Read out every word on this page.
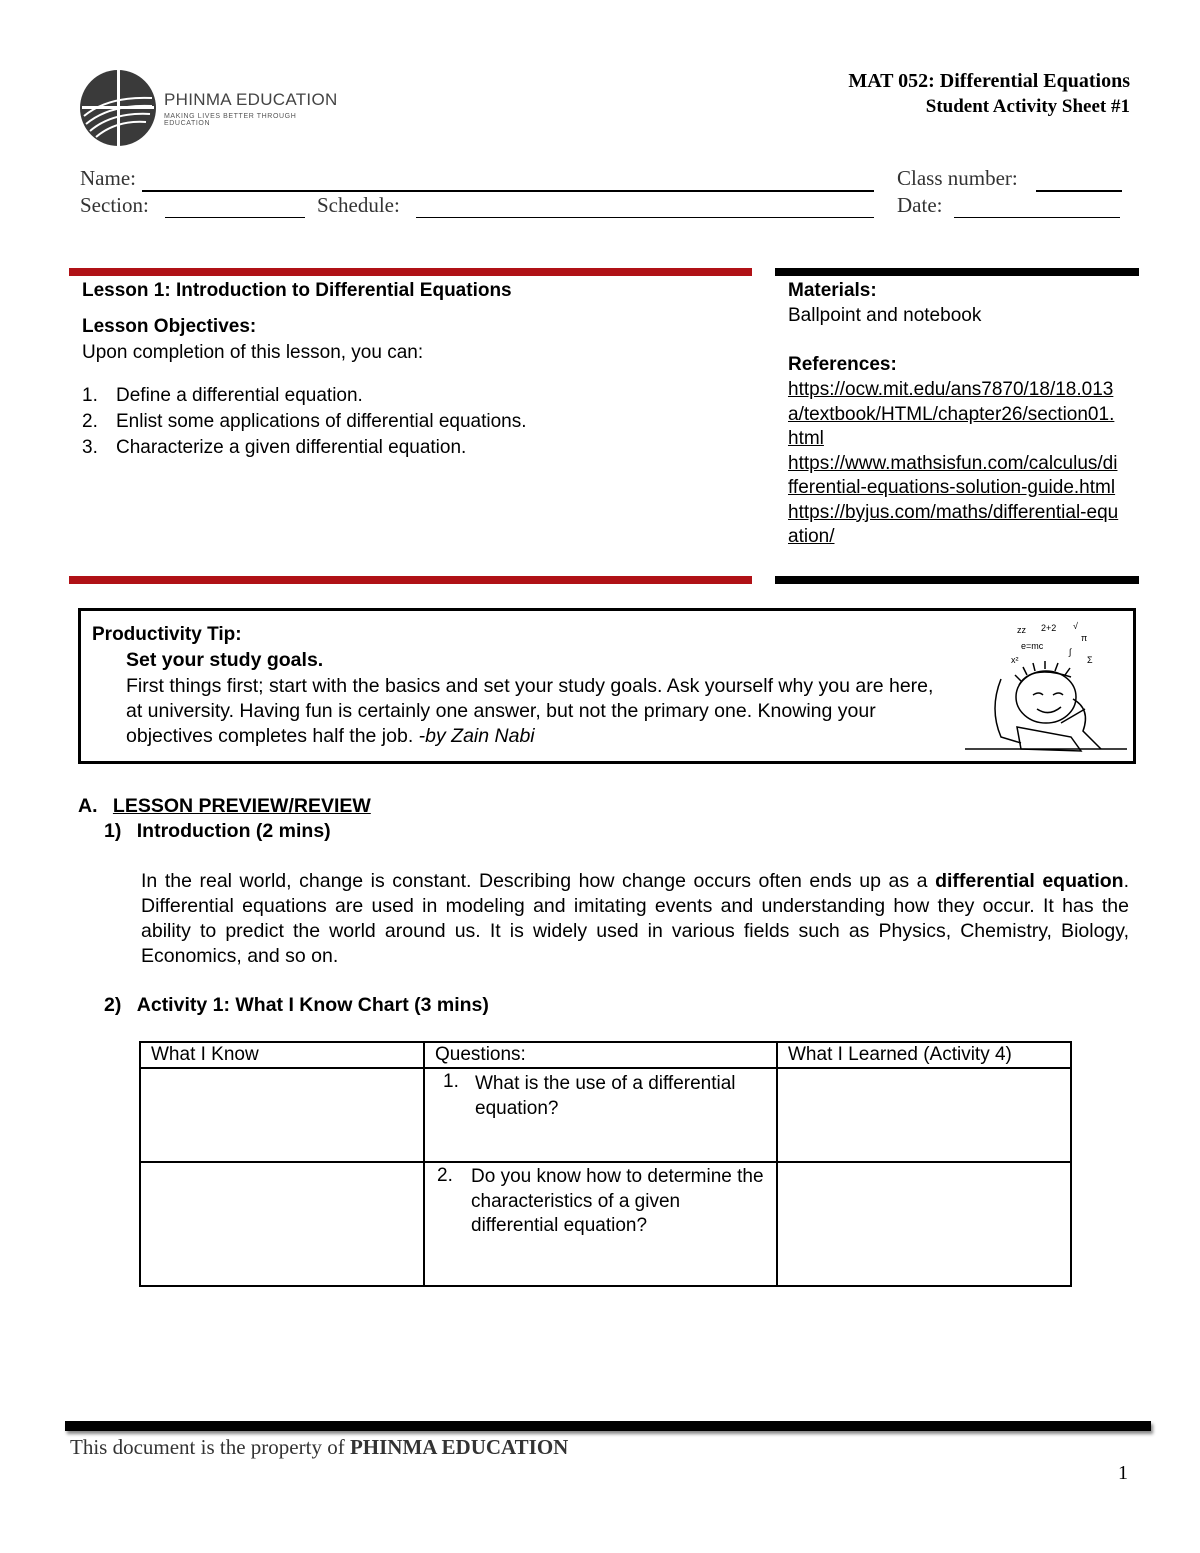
PHINMA EDUCATION
MAKING LIVES BETTER THROUGH EDUCATION
MAT 052: Differential Equations
Student Activity Sheet #1
Name:	Class number:
Section:	Schedule:	Date:
Lesson 1: Introduction to Differential Equations
Lesson Objectives:
Upon completion of this lesson, you can:
1. Define a differential equation.
2. Enlist some applications of differential equations.
3. Characterize a given differential equation.
Materials:
Ballpoint and notebook
References:
https://ocw.mit.edu/ans7870/18/18.013a/textbook/HTML/chapter26/section01.html
https://www.mathsisfun.com/calculus/differential-equations-solution-guide.html
https://byjus.com/maths/differential-equation/
Productivity Tip:
Set your study goals.
First things first; start with the basics and set your study goals. Ask yourself why you are here, at university. Having fun is certainly one answer, but not the primary one. Knowing your objectives completes half the job. -by Zain Nabi
zz 2+2 √
π
e=mc
∫
Σ
x²
A. LESSON PREVIEW/REVIEW
1) Introduction (2 mins)
In the real world, change is constant. Describing how change occurs often ends up as a differential equation. Differential equations are used in modeling and imitating events and understanding how they occur. It has the ability to predict the world around us. It is widely used in various fields such as Physics, Chemistry, Biology, Economics, and so on.
2) Activity 1: What I Know Chart (3 mins)
What I Know	Questions:	What I Learned (Activity 4)

	1. What is the use of a differential equation?	

	2. Do you know how to determine the characteristics of a given differential equation?	

This document is the property of PHINMA EDUCATION
1
